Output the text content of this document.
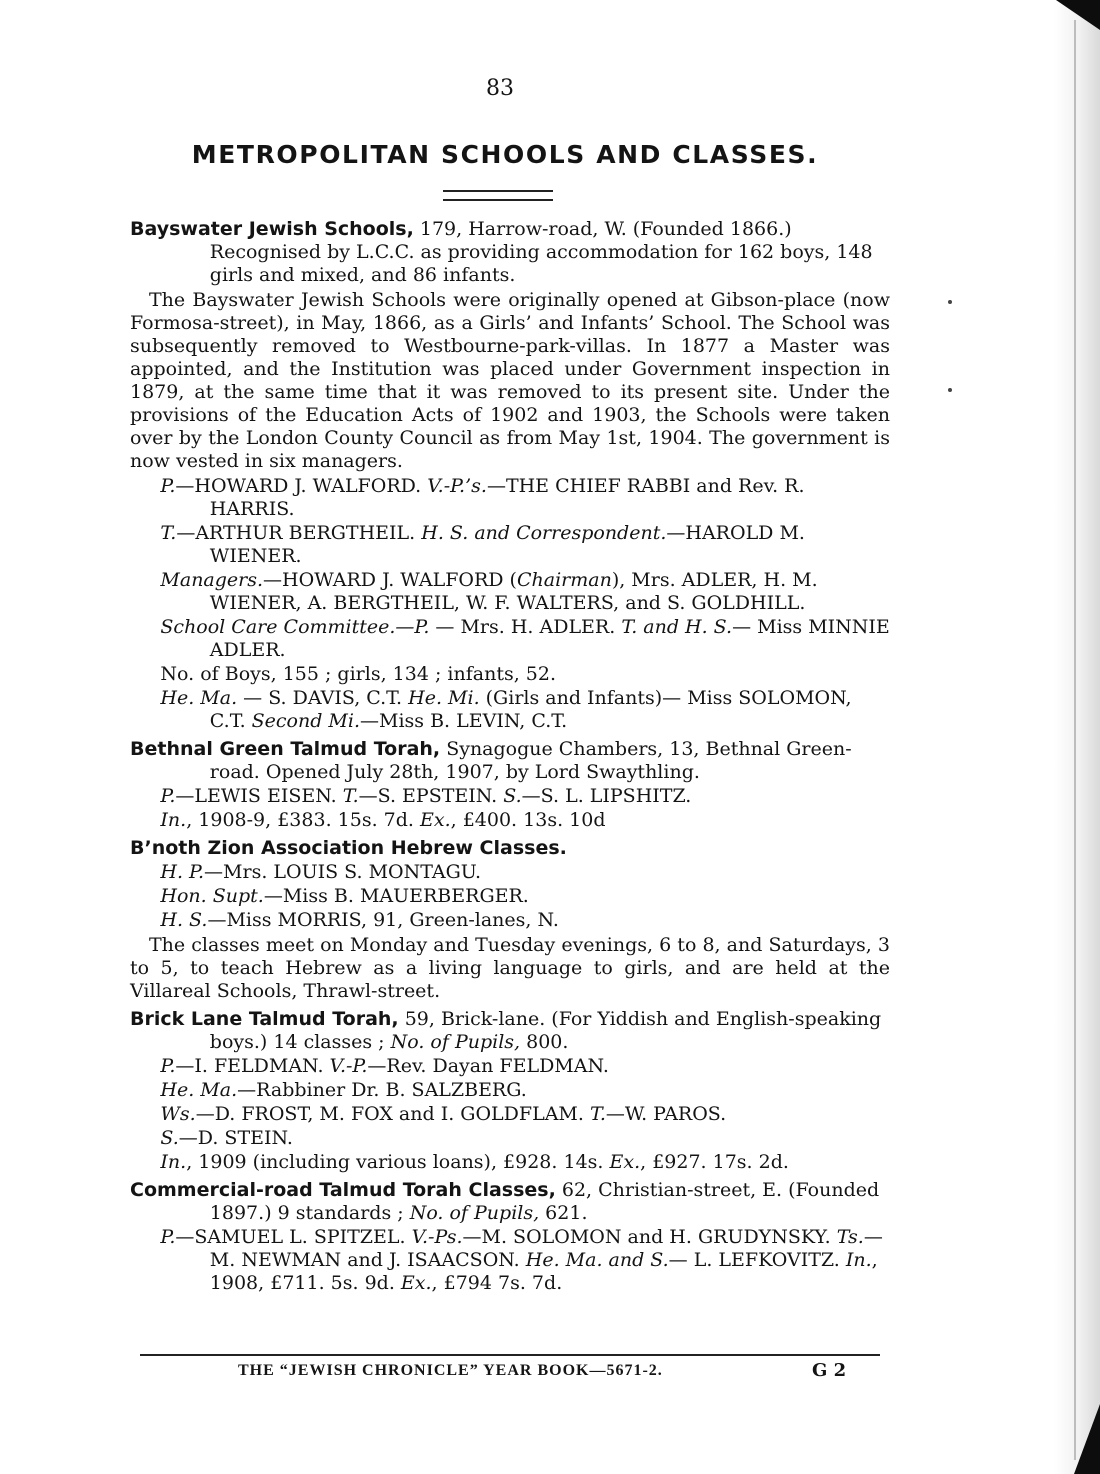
83
METROPOLITAN SCHOOLS AND CLASSES.
Bayswater Jewish Schools, 179, Harrow-road, W. (Founded 1866.) Recognised by L.C.C. as providing accommodation for 162 boys, 148 girls and mixed, and 86 infants.
The Bayswater Jewish Schools were originally opened at Gibson-place (now Formosa-street), in May, 1866, as a Girls’ and Infants’ School. The School was subsequently removed to Westbourne-park-villas. In 1877 a Master was appointed, and the Institution was placed under Government inspection in 1879, at the same time that it was removed to its present site. Under the provisions of the Education Acts of 1902 and 1903, the Schools were taken over by the London County Council as from May 1st, 1904. The government is now vested in six managers.
P.—HOWARD J. WALFORD. V.-P.’s.—THE CHIEF RABBI and Rev. R. HARRIS.
T.—ARTHUR BERGTHEIL. H. S. and Correspondent.—HAROLD M. WIENER.
Managers.—HOWARD J. WALFORD (Chairman), Mrs. ADLER, H. M. WIENER, A. BERGTHEIL, W. F. WALTERS, and S. GOLDHILL.
School Care Committee.—P. — Mrs. H. ADLER. T. and H. S.— Miss MINNIE ADLER.
No. of Boys, 155 ; girls, 134 ; infants, 52.
He. Ma. — S. DAVIS, C.T. He. Mi. (Girls and Infants)— Miss SOLOMON, C.T. Second Mi.—Miss B. LEVIN, C.T.
Bethnal Green Talmud Torah, Synagogue Chambers, 13, Bethnal Green-road. Opened July 28th, 1907, by Lord Swaythling.
P.—LEWIS EISEN. T.—S. EPSTEIN. S.—S. L. LIPSHITZ.
In., 1908-9, £383. 15s. 7d. Ex., £400. 13s. 10d
B’noth Zion Association Hebrew Classes.
H. P.—Mrs. LOUIS S. MONTAGU.
Hon. Supt.—Miss B. MAUERBERGER.
H. S.—Miss MORRIS, 91, Green-lanes, N.
The classes meet on Monday and Tuesday evenings, 6 to 8, and Saturdays, 3 to 5, to teach Hebrew as a living language to girls, and are held at the Villareal Schools, Thrawl-street.
Brick Lane Talmud Torah, 59, Brick-lane. (For Yiddish and English-speaking boys.) 14 classes ; No. of Pupils, 800.
P.—I. FELDMAN. V.-P.—Rev. Dayan FELDMAN.
He. Ma.—Rabbiner Dr. B. SALZBERG.
Ws.—D. FROST, M. FOX and I. GOLDFLAM. T.—W. PAROS.
S.—D. STEIN.
In., 1909 (including various loans), £928. 14s. Ex., £927. 17s. 2d.
Commercial-road Talmud Torah Classes, 62, Christian-street, E. (Founded 1897.) 9 standards ; No. of Pupils, 621.
P.—SAMUEL L. SPITZEL. V.-Ps.—M. SOLOMON and H. GRUDYNSKY. Ts.—M. NEWMAN and J. ISAACSON. He. Ma. and S.— L. LEFKOVITZ. In., 1908, £711. 5s. 9d. Ex., £794 7s. 7d.
THE “JEWISH CHRONICLE” YEAR BOOK—5671-2.	G 2
